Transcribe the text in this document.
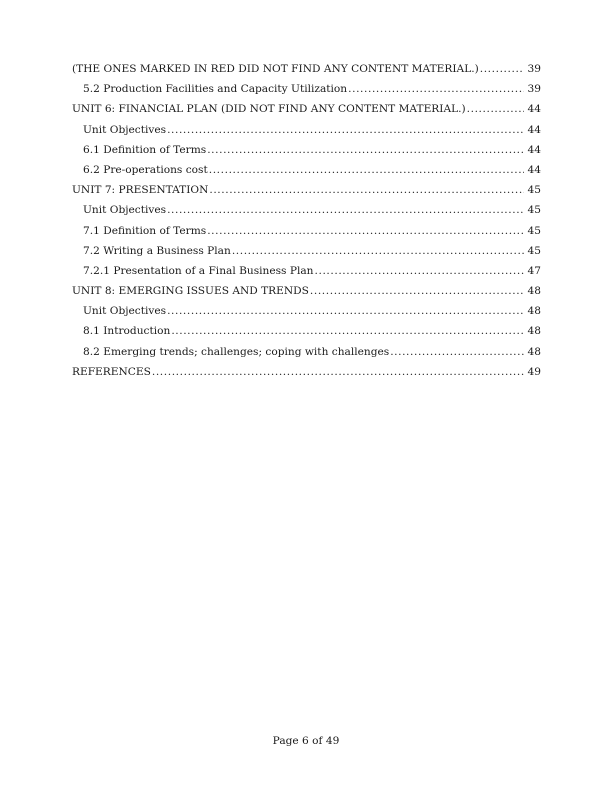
(THE ONES MARKED IN RED DID NOT FIND ANY CONTENT MATERIAL.) .....	39
5.2 Production Facilities and Capacity Utilization .....	39
UNIT 6: FINANCIAL PLAN (DID NOT FIND ANY CONTENT MATERIAL.) .....	44
Unit Objectives .....	44
6.1 Definition of Terms .....	44
6.2 Pre-operations cost .....	44
UNIT 7: PRESENTATION .....	45
Unit Objectives .....	45
7.1 Definition of Terms .....	45
7.2 Writing a Business Plan .....	45
7.2.1 Presentation of a Final Business Plan .....	47
UNIT 8: EMERGING ISSUES AND TRENDS .....	48
Unit Objectives .....	48
8.1 Introduction .....	48
8.2 Emerging trends; challenges; coping with challenges .....	48
REFERENCES .....	49
Page 6 of 49
